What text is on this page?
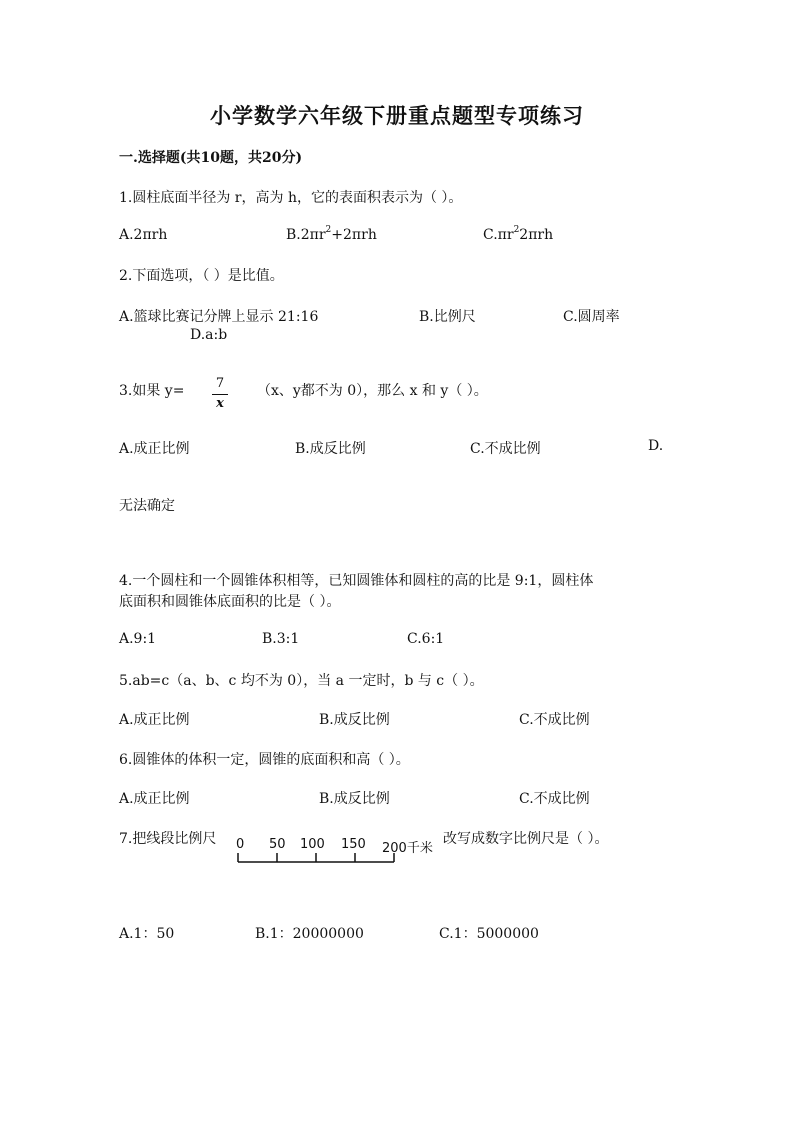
小学数学六年级下册重点题型专项练习
一.选择题(共10题，共20分)
1.圆柱底面半径为 r，高为 h，它的表面积表示为（ ）。
A.2πrh	$B.2\pi r^2+2\pi rh$	$C.\pi r^22\pi rh$
2.下面选项，（ ）是比值。
A.篮球比赛记分牌上显示 21:16	B.比例尺	C.圆周率
D.a:b
3.如果 y= 7
x
（x、y都不为 0），那么 x 和 y（ ）。
A.成正比例	B.成反比例	C.不成比例	D.
无法确定
4.一个圆柱和一个圆锥体积相等，已知圆锥体和圆柱的高的比是 9:1，圆柱体
底面积和圆锥体底面积的比是（ ）。
A.9:1	B.3:1	C.6:1
5.ab=c（a、b、c 均不为 0），当 a 一定时，b 与 c（ ）。
A.成正比例	B.成反比例	C.不成比例
6.圆锥体的体积一定，圆锥的底面积和高（ ）。
A.成正比例	B.成反比例	C.不成比例
7.把线段比例尺 0 50 100 150 200千米
改写成数字比例尺是（ ）。
A.1：50	B.1：20000000	C.1：5000000
